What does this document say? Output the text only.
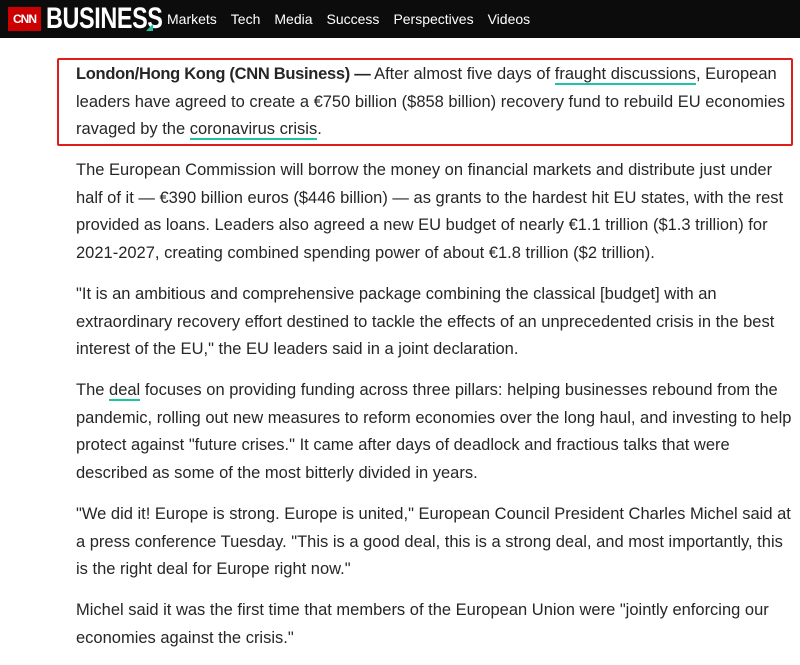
CNN BUSINESS Markets Tech Media Success Perspectives Videos

London/Hong Kong (CNN Business) — After almost five days of fraught discussions, European leaders have agreed to create a €750 billion ($858 billion) recovery fund to rebuild EU economies ravaged by the coronavirus crisis.

The European Commission will borrow the money on financial markets and distribute just under half of it — €390 billion euros ($446 billion) — as grants to the hardest hit EU states, with the rest provided as loans. Leaders also agreed a new EU budget of nearly €1.1 trillion ($1.3 trillion) for 2021-2027, creating combined spending power of about €1.8 trillion ($2 trillion).

"It is an ambitious and comprehensive package combining the classical [budget] with an extraordinary recovery effort destined to tackle the effects of an unprecedented crisis in the best interest of the EU," the EU leaders said in a joint declaration.

The deal focuses on providing funding across three pillars: helping businesses rebound from the pandemic, rolling out new measures to reform economies over the long haul, and investing to help protect against "future crises." It came after days of deadlock and fractious talks that were described as some of the most bitterly divided in years.

"We did it! Europe is strong. Europe is united," European Council President Charles Michel said at a press conference Tuesday. "This is a good deal, this is a strong deal, and most importantly, this is the right deal for Europe right now."

Michel said it was the first time that members of the European Union were "jointly enforcing our economies against the crisis."
